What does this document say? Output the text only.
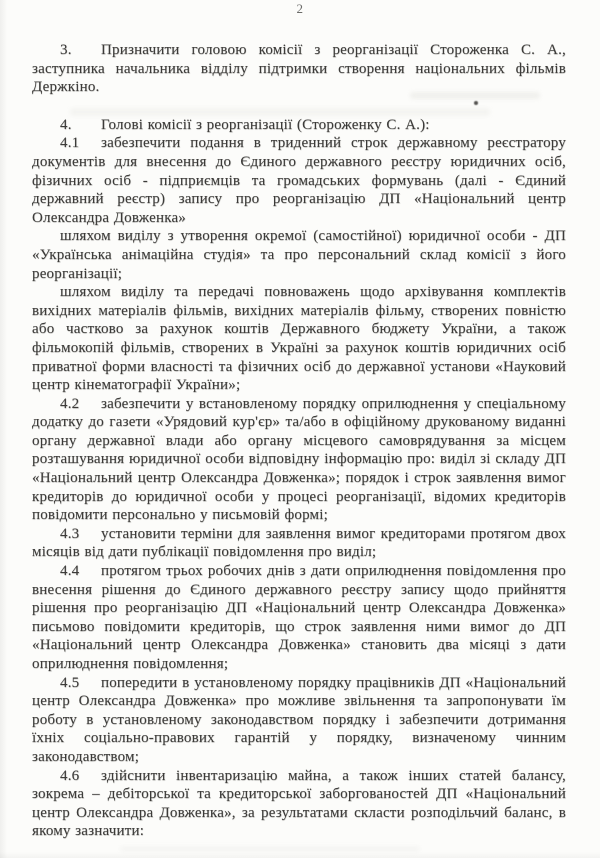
2

3. Призначити головою комісії з реорганізації Стороженка С. А., заступника начальника відділу підтримки створення національних фільмів Держкіно.

4. Голові комісії з реорганізації (Стороженку С. А.):

4.1 забезпечити подання в триденний строк державному реєстратору документів для внесення до Єдиного державного реєстру юридичних осіб, фізичних осіб - підприємців та громадських формувань (далі - Єдиний державний реєстр) запису про реорганізацію ДП «Національний центр Олександра Довженка»

шляхом виділу з утворення окремої (самостійної) юридичної особи - ДП «Українська анімаційна студія» та про персональний склад комісії з його реорганізації;

шляхом виділу та передачі повноважень щодо архівування комплектів вихідних матеріалів фільмів, вихідних матеріалів фільму, створених повністю або частково за рахунок коштів Державного бюджету України, а також фільмокопій фільмів, створених в Україні за рахунок коштів юридичних осіб приватної форми власності та фізичних осіб до державної установи «Науковий центр кінематографії України»;

4.2 забезпечити у встановленому порядку оприлюднення у спеціальному додатку до газети «Урядовий кур'єр» та/або в офіційному друкованому виданні органу державної влади або органу місцевого самоврядування за місцем розташування юридичної особи відповідну інформацію про: виділ зі складу ДП «Національний центр Олександра Довженка»; порядок і строк заявлення вимог кредиторів до юридичної особи у процесі реорганізації, відомих кредиторів повідомити персонально у письмовій формі;

4.3 установити терміни для заявлення вимог кредиторами протягом двох місяців від дати публікації повідомлення про виділ;

4.4 протягом трьох робочих днів з дати оприлюднення повідомлення про внесення рішення до Єдиного державного реєстру запису щодо прийняття рішення про реорганізацію ДП «Національний центр Олександра Довженка» письмово повідомити кредиторів, що строк заявлення ними вимог до ДП «Національний центр Олександра Довженка» становить два місяці з дати оприлюднення повідомлення;

4.5 попередити в установленому порядку працівників ДП «Національний центр Олександра Довженка» про можливе звільнення та запропонувати їм роботу в установленому законодавством порядку і забезпечити дотримання їхніх соціально-правових гарантій у порядку, визначеному чинним законодавством;

4.6 здійснити інвентаризацію майна, а також інших статей балансу, зокрема – дебіторської та кредиторської заборгованостей ДП «Національний центр Олександра Довженка», за результатами скласти розподільчий баланс, в якому зазначити:
